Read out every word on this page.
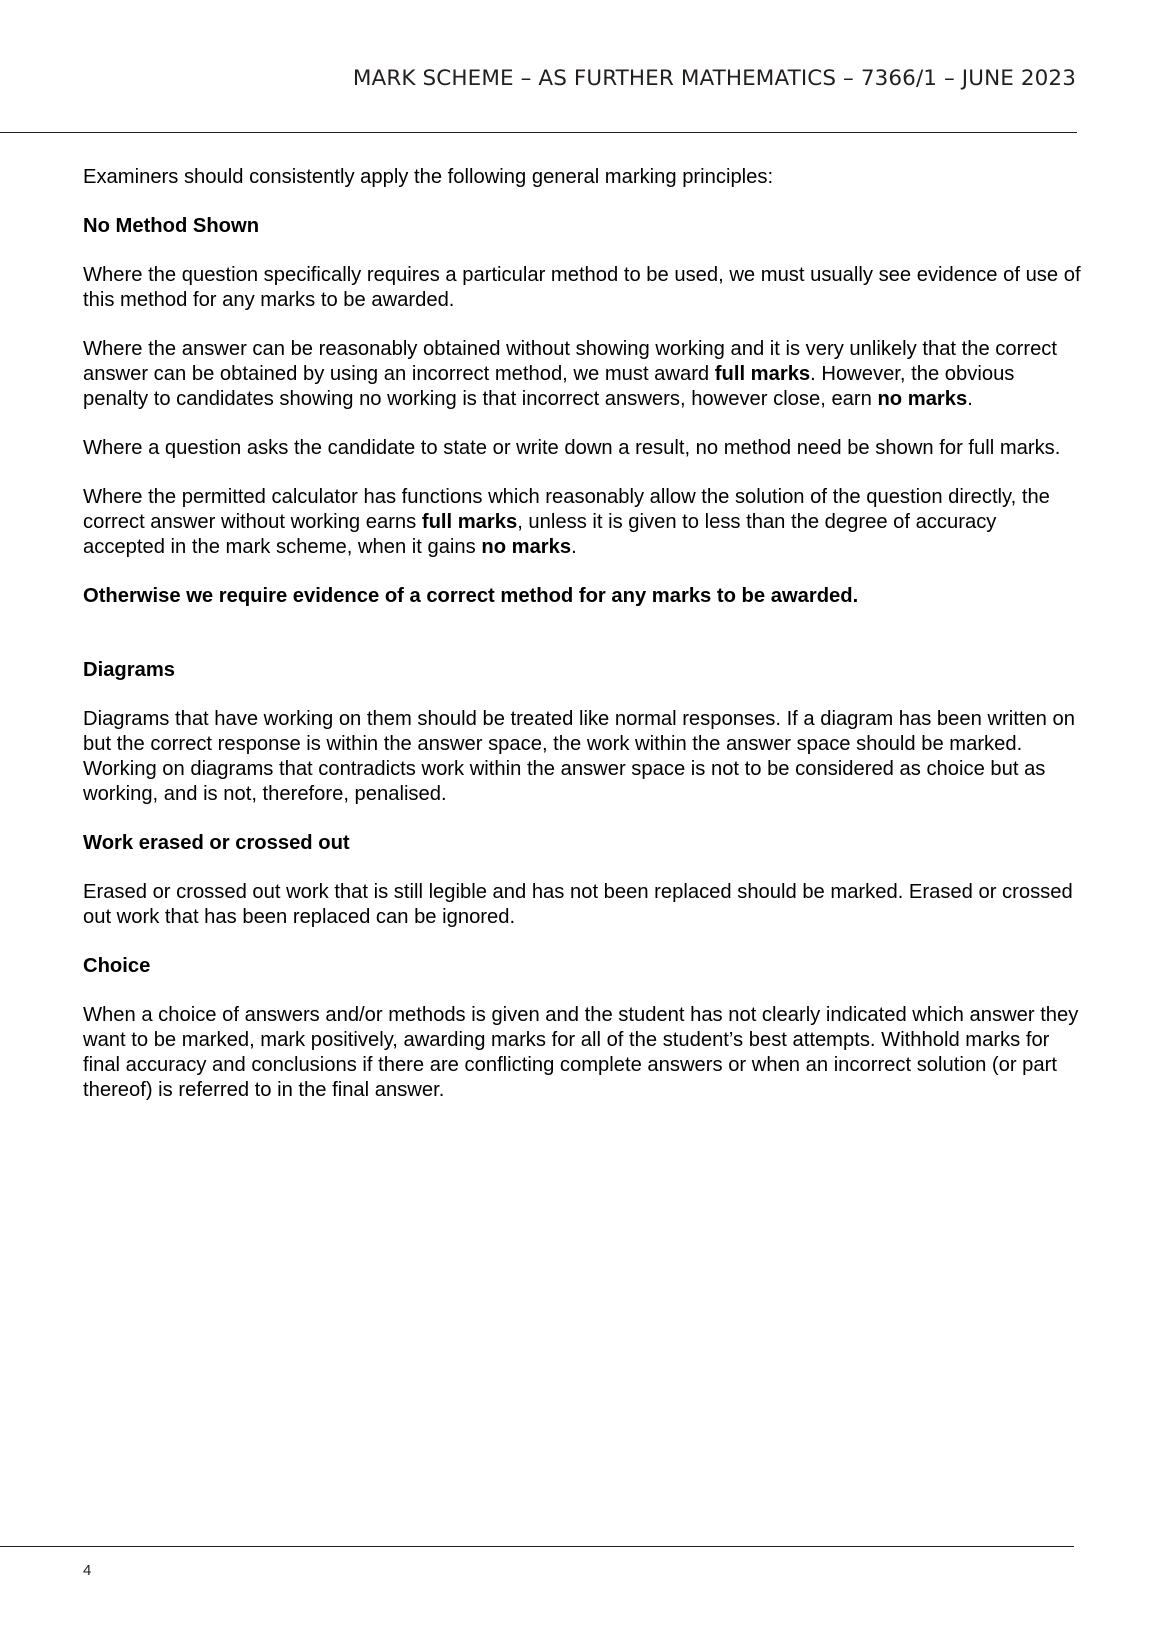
MARK SCHEME – AS FURTHER MATHEMATICS – 7366/1 – JUNE 2023

Examiners should consistently apply the following general marking principles:

No Method Shown

Where the question specifically requires a particular method to be used, we must usually see evidence of use of this method for any marks to be awarded.

Where the answer can be reasonably obtained without showing working and it is very unlikely that the correct answer can be obtained by using an incorrect method, we must award full marks. However, the obvious penalty to candidates showing no working is that incorrect answers, however close, earn no marks.

Where a question asks the candidate to state or write down a result, no method need be shown for full marks.

Where the permitted calculator has functions which reasonably allow the solution of the question directly, the correct answer without working earns full marks, unless it is given to less than the degree of accuracy accepted in the mark scheme, when it gains no marks.

Otherwise we require evidence of a correct method for any marks to be awarded.

Diagrams

Diagrams that have working on them should be treated like normal responses. If a diagram has been written on but the correct response is within the answer space, the work within the answer space should be marked. Working on diagrams that contradicts work within the answer space is not to be considered as choice but as working, and is not, therefore, penalised.

Work erased or crossed out

Erased or crossed out work that is still legible and has not been replaced should be marked. Erased or crossed out work that has been replaced can be ignored.

Choice

When a choice of answers and/or methods is given and the student has not clearly indicated which answer they want to be marked, mark positively, awarding marks for all of the student’s best attempts. Withhold marks for final accuracy and conclusions if there are conflicting complete answers or when an incorrect solution (or part thereof) is referred to in the final answer.

4
